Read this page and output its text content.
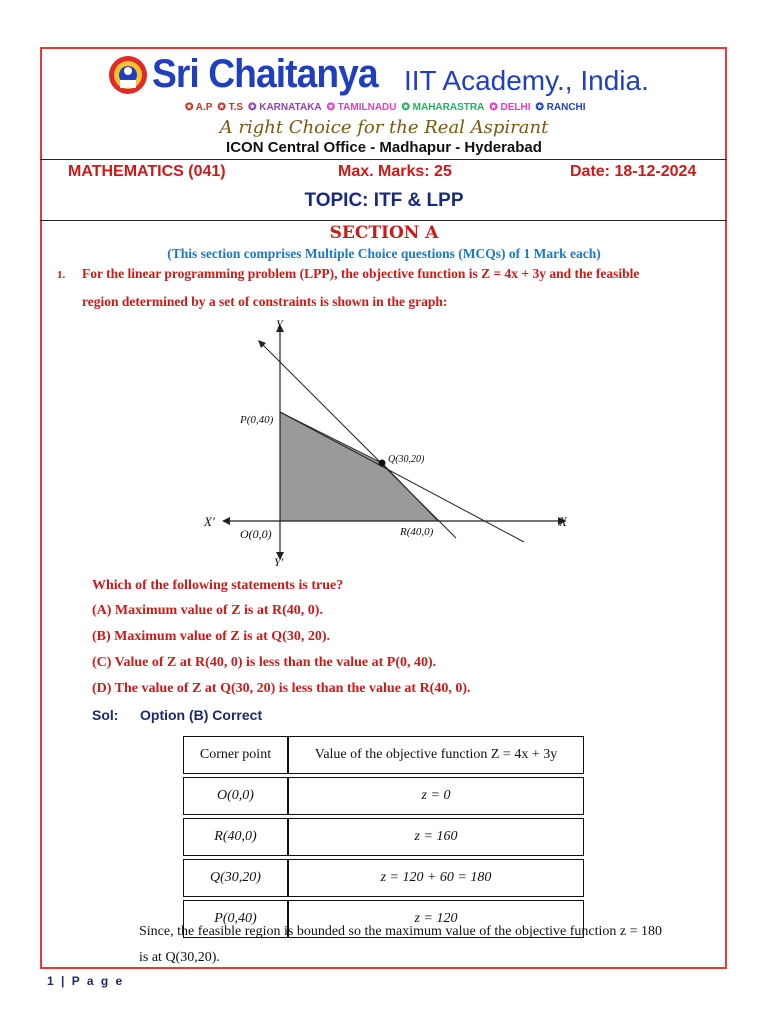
Sri Chaitanya IIT Academy., India.
✪ A.P ✪ T.S ✪ KARNATAKA ✪ TAMILNADU ✪ MAHARASTRA ✪ DELHI ✪ RANCHI
A right Choice for the Real Aspirant
ICON Central Office - Madhapur - Hyderabad
MATHEMATICS (041)	Max. Marks: 25	Date: 18-12-2024
TOPIC: ITF & LPP
SECTION A
(This section comprises Multiple Choice questions (MCQs) of 1 Mark each)
1. For the linear programming problem (LPP), the objective function is Z = 4x + 3y and the feasible
region determined by a set of constraints is shown in the graph:
Y
Y′
X
X′
O(0,0)
P(0,40)
Q(30,20)
R(40,0)
Which of the following statements is true?
(A) Maximum value of Z is at R(40, 0).
(B) Maximum value of Z is at Q(30, 20).
(C) Value of Z at R(40, 0) is less than the value at P(0, 40).
(D) The value of Z at Q(30, 20) is less than the value at R(40, 0).
Sol: Option (B) Correct
Corner point	Value of the objective function Z = 4x + 3y
O(0,0)	z = 0
R(40,0)	z = 160
Q(30,20)	z = 120 + 60 = 180
P(0,40)	z = 120
Since, the feasible region is bounded so the maximum value of the objective function z = 180
is at Q(30,20).
1 | P a g e
